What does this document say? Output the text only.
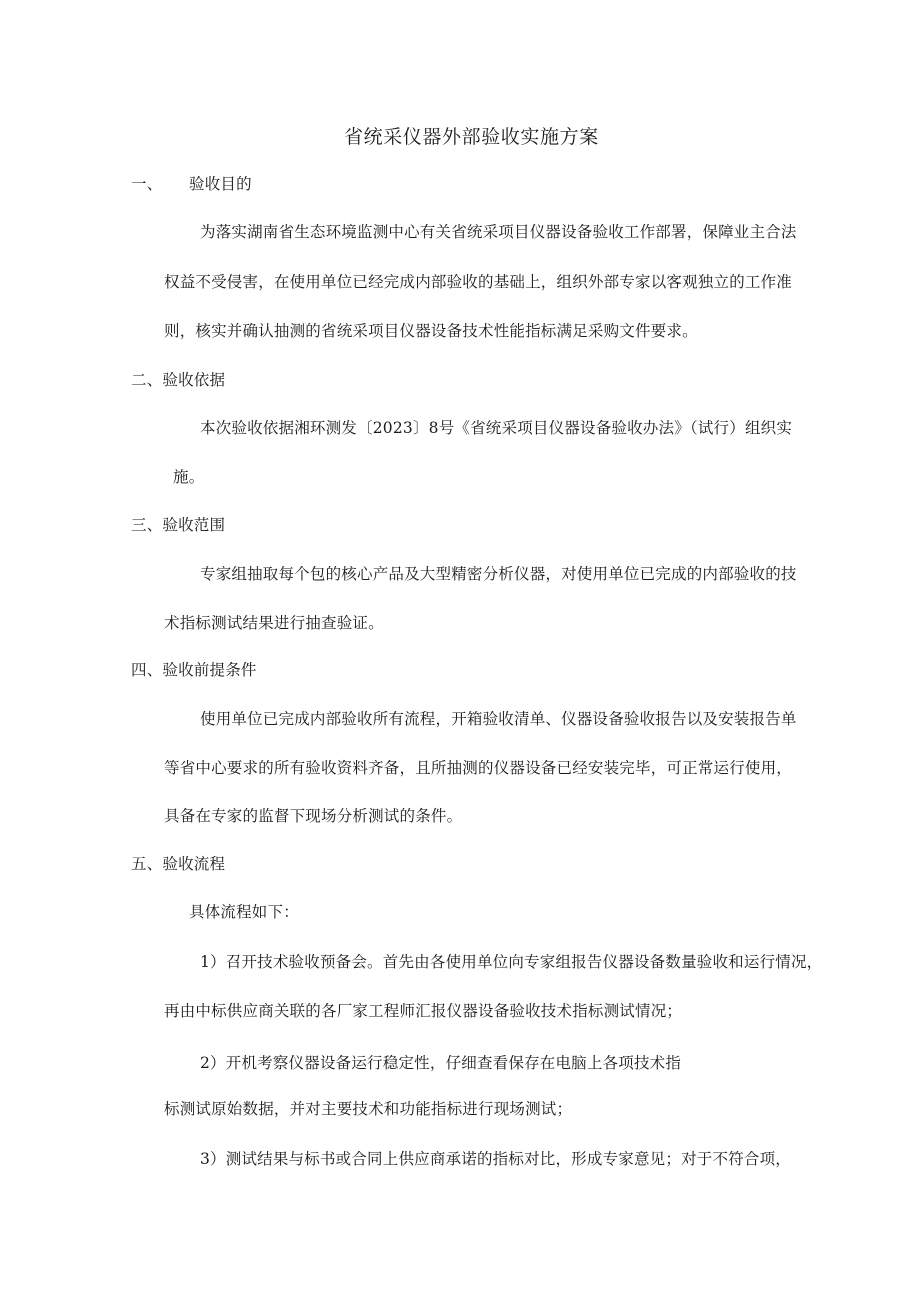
省统采仪器外部验收实施方案
一、 验收目的
为落实湖南省生态环境监测中心有关省统采项目仪器设备验收工作部署，保障业主合法
权益不受侵害，在使用单位已经完成内部验收的基础上，组织外部专家以客观独立的工作准
则，核实并确认抽测的省统采项目仪器设备技术性能指标满足采购文件要求。
二、验收依据
本次验收依据湘环测发〔2023〕8号《省统采项目仪器设备验收办法》（试行）组织实
施。
三、验收范围
专家组抽取每个包的核心产品及大型精密分析仪器，对使用单位已完成的内部验收的技
术指标测试结果进行抽查验证。
四、验收前提条件
使用单位已完成内部验收所有流程，开箱验收清单、仪器设备验收报告以及安装报告单
等省中心要求的所有验收资料齐备，且所抽测的仪器设备已经安装完毕，可正常运行使用，
具备在专家的监督下现场分析测试的条件。
五、验收流程
具体流程如下：
1）召开技术验收预备会。首先由各使用单位向专家组报告仪器设备数量验收和运行情况，
再由中标供应商关联的各厂家工程师汇报仪器设备验收技术指标测试情况；
2）开机考察仪器设备运行稳定性，仔细查看保存在电脑上各项技术指
标测试原始数据，并对主要技术和功能指标进行现场测试；
3）测试结果与标书或合同上供应商承诺的指标对比，形成专家意见；对于不符合项，
